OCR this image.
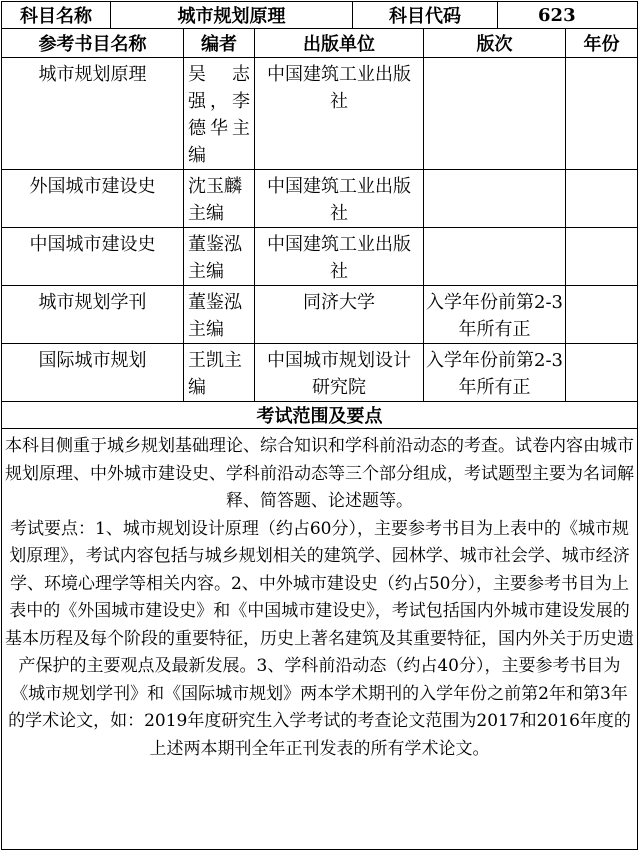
科目名称	城市规划原理			科目代码		623	
参考书目名称		编者	出版单位		版次		年份
城市规划原理		吴　志强，李德华主编	中国建筑工业出版社				
外国城市建设史		沈玉麟主编	中国建筑工业出版社				
中国城市建设史		董鉴泓主编	中国建筑工业出版社				
城市规划学刊		董鉴泓主编	同济大学		入学年份前第2-3年所有正		
国际城市规划		王凯主编	中国城市规划设计研究院		入学年份前第2-3年所有正		
考试范围及要点							

本科目侧重于城乡规划基础理论、综合知识和学科前沿动态的考查。试卷内容由城市规划原理、中外城市建设史、学科前沿动态等三个部分组成，考试题型主要为名词解释、简答题、论述题等。
考试要点：1、城市规划设计原理（约占60分），主要参考书目为上表中的《城市规划原理》，考试内容包括与城乡规划相关的建筑学、园林学、城市社会学、城市经济学、环境心理学等相关内容。2、中外城市建设史（约占50分），主要参考书目为上表中的《外国城市建设史》和《中国城市建设史》，考试包括国内外城市建设发展的基本历程及每个阶段的重要特征，历史上著名建筑及其重要特征，国内外关于历史遗产保护的主要观点及最新发展。3、学科前沿动态（约占40分），主要参考书目为《城市规划学刊》和《国际城市规划》两本学术期刊的入学年份之前第2年和第3年的学术论文，如：2019年度研究生入学考试的考查论文范围为2017和2016年度的上述两本期刊全年正刊发表的所有学术论文。							
